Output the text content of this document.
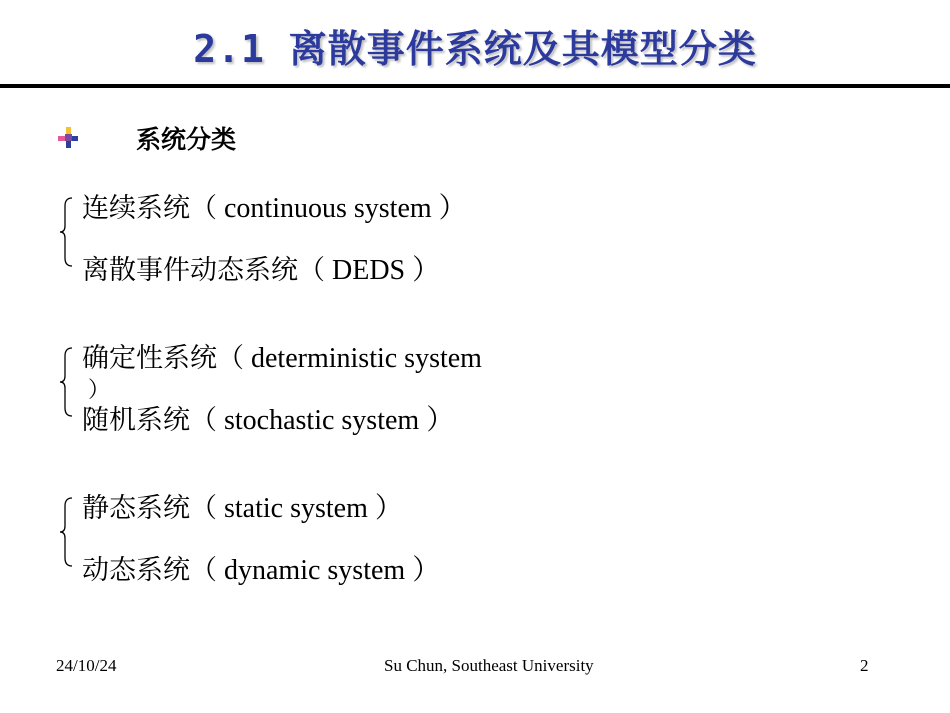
2.1 离散事件系统及其模型分类
系统分类
连续系统（ continuous system ）
离散事件动态系统（ DEDS ）
确定性系统（ deterministic system
）
随机系统（ stochastic system ）
静态系统（ static system ）
动态系统（ dynamic system ）
24/10/24	Su Chun, Southeast University	2
